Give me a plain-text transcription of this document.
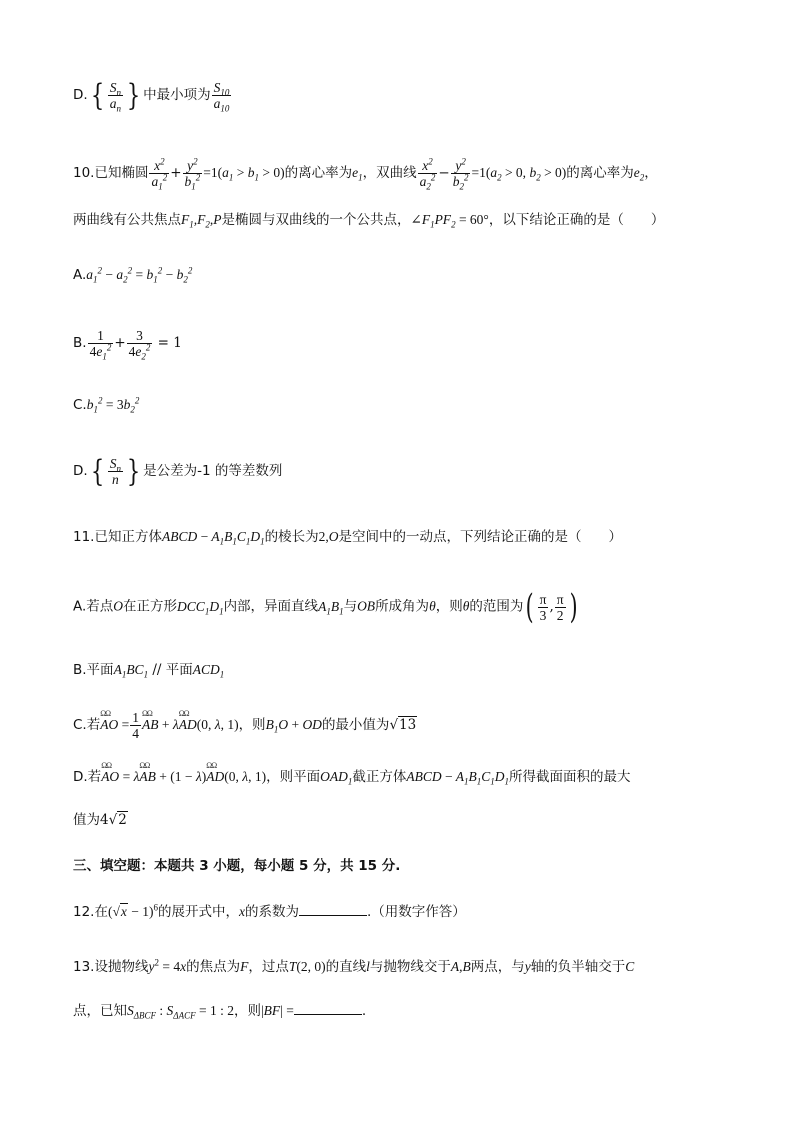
$D.\{ \frac{S_n}{a_n}$ } 中最小项为 $\frac{S_{10}}{a_{10}}$
10.已知椭圆 $\frac{x^2}{a_1^2} + \frac{y^2}{b_1^2} =1(a_1 > b_1 > 0)$的离心率为$e_1$，双曲线 $\frac{x^2}{a_2^2} - \frac{y^2}{b_2^2} =1(a_2 > 0$, $b_2 > 0$)的离心率为$e_2$，
两曲线有公共焦点$F_1,F_2,P$是椭圆与双曲线的一个公共点，$\angle F_1PF_2 = 60^\circ$，以下结论正确的是（　　）
$A.a_1^2 - a_2^2 = b_1^2 - b_2^2$
B. $\frac{1}{4e_1^2} + \frac{3}{4e_2^2} = 1$
$C.b_1^2 = 3b_2^2$
$D.\{ \frac{S_n}{n}$ } 是公差为-1 的等差数列
11.已知正方体ABCD − $A_1B_1C_1D_1$的棱长为2,O是空间中的一动点，下列结论正确的是（　　）
A.若点O在正方形$DCC_1D_1$内部，异面直线$A_1B_1$与OB所成角为θ，则θ的范围为( $\frac{\pi}{3}$ , $\frac{\pi}{2}$ )
B.平面$A_1BC_1$ // 平面$ACD_1$
C.若ΩΩ AO = $\frac{1}{4}$
ΩΩ AB + λΩΩ AD(0, λ, 1)，则$B_1O$ + OD的最小值为√13
D.若ΩΩ AO = λΩΩ AB + (1 − λ)ΩΩ AD(0, λ, 1)，则平面$OAD_1$截正方体ABCD − $A_1B_1C_1D_1$所得截面面积的最大
值为4√2
三、填空题：本题共 3 小题，每小题 5 分，共 15 分.
12.在$(√x - 1)^6$的展开式中，x的系数为	.（用数字作答）
13.设抛物线$y^2 = 4x$的焦点为F，过点T(2, 0)的直线l与抛物线交于A,B两点，与y轴的负半轴交于C
点，已知$S_{\Delta BCF}$ : $S_{\Delta ACF} = 1$ : 2，则|BF| =	.
